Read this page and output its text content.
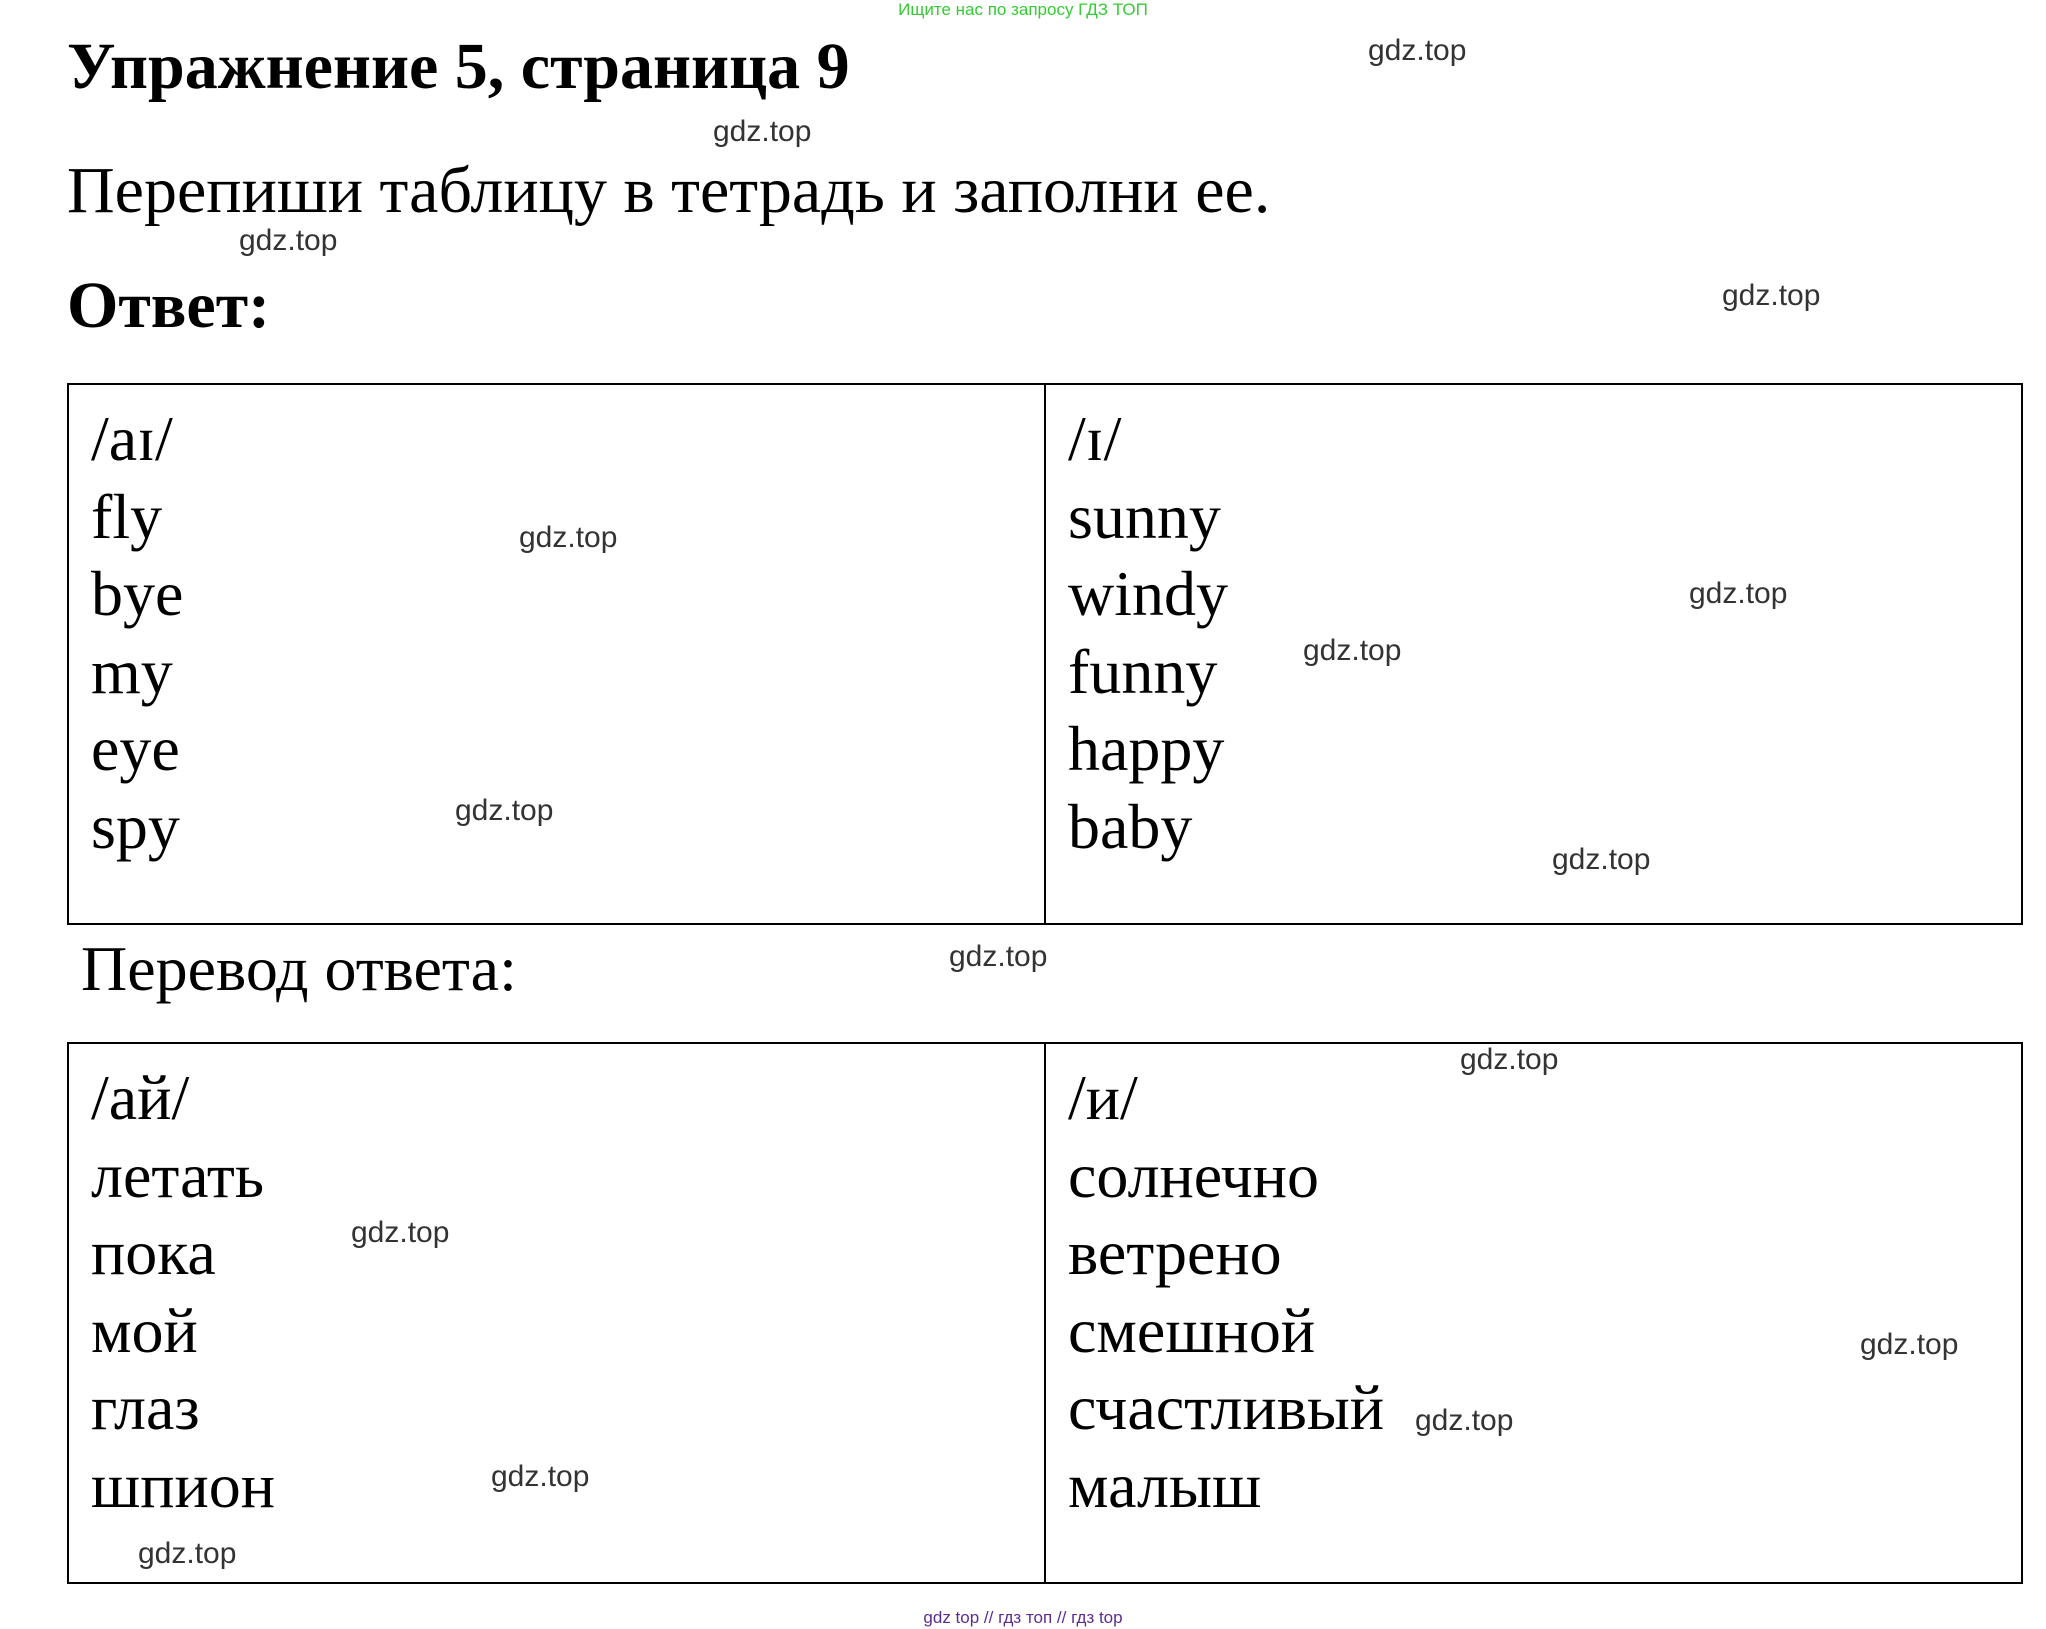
Ищите нас по запросу ГДЗ ТОП
Упражнение 5, страница 9
Перепиши таблицу в тетрадь и заполни ее.
Ответ:
/aɪ/
fly
bye
my
eye
spy

/ɪ/
sunny
windy
funny
happy
baby
Перевод ответа:
/ай/
летать
пока
мой
глаз
шпион

/и/
солнечно
ветрено
смешной
счастливый
малыш
gdz.top
gdz.top
gdz.top
gdz.top
gdz.top
gdz.top
gdz.top
gdz.top
gdz.top
gdz.top
gdz.top
gdz.top
gdz.top
gdz.top
gdz.top
gdz.top
gdz top // гдз топ // гдз top
